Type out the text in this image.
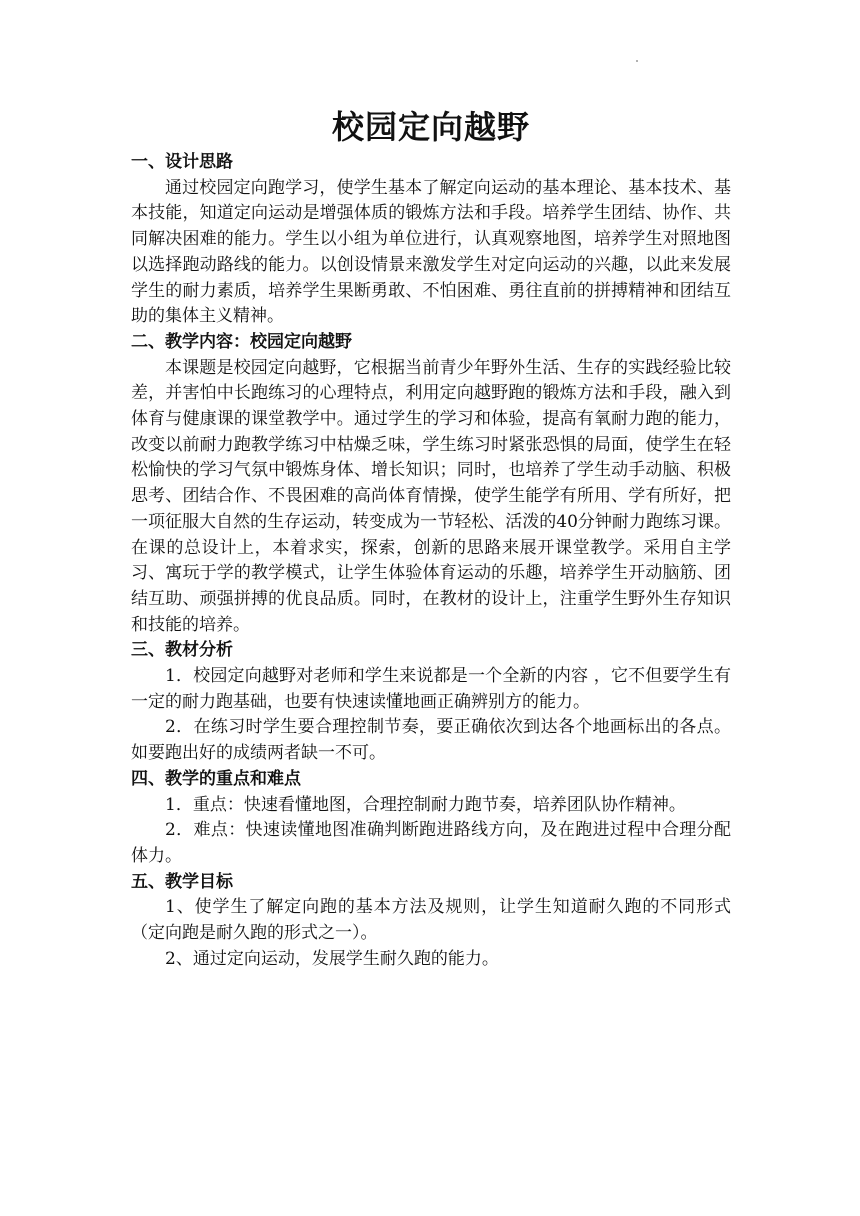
校园定向越野

一、设计思路

通过校园定向跑学习，使学生基本了解定向运动的基本理论、基本技术、基本技能，知道定向运动是增强体质的锻炼方法和手段。培养学生团结、协作、共同解决困难的能力。学生以小组为单位进行，认真观察地图，培养学生对照地图以选择跑动路线的能力。以创设情景来激发学生对定向运动的兴趣，以此来发展学生的耐力素质，培养学生果断勇敢、不怕困难、勇往直前的拼搏精神和团结互助的集体主义精神。

二、教学内容：校园定向越野

本课题是校园定向越野，它根据当前青少年野外生活、生存的实践经验比较差，并害怕中长跑练习的心理特点，利用定向越野跑的锻炼方法和手段，融入到体育与健康课的课堂教学中。通过学生的学习和体验，提高有氧耐力跑的能力，改变以前耐力跑教学练习中枯燥乏味，学生练习时紧张恐惧的局面，使学生在轻松愉快的学习气氛中锻炼身体、增长知识；同时，也培养了学生动手动脑、积极思考、团结合作、不畏困难的高尚体育情操，使学生能学有所用、学有所好，把一项征服大自然的生存运动，转变成为一节轻松、活泼的40分钟耐力跑练习课。在课的总设计上，本着求实，探索，创新的思路来展开课堂教学。采用自主学习、寓玩于学的教学模式，让学生体验体育运动的乐趣，培养学生开动脑筋、团结互助、顽强拼搏的优良品质。同时，在教材的设计上，注重学生野外生存知识和技能的培养。

三、教材分析

1．校园定向越野对老师和学生来说都是一个全新的内容 ，它不但要学生有一定的耐力跑基础，也要有快速读懂地画正确辨别方的能力。

2．在练习时学生要合理控制节奏，要正确依次到达各个地画标出的各点。如要跑出好的成绩两者缺一不可。

四、教学的重点和难点

1．重点：快速看懂地图，合理控制耐力跑节奏，培养团队协作精神。

2．难点：快速读懂地图准确判断跑进路线方向，及在跑进过程中合理分配体力。

五、教学目标

1、使学生了解定向跑的基本方法及规则，让学生知道耐久跑的不同形式（定向跑是耐久跑的形式之一）。

2、通过定向运动，发展学生耐久跑的能力。
